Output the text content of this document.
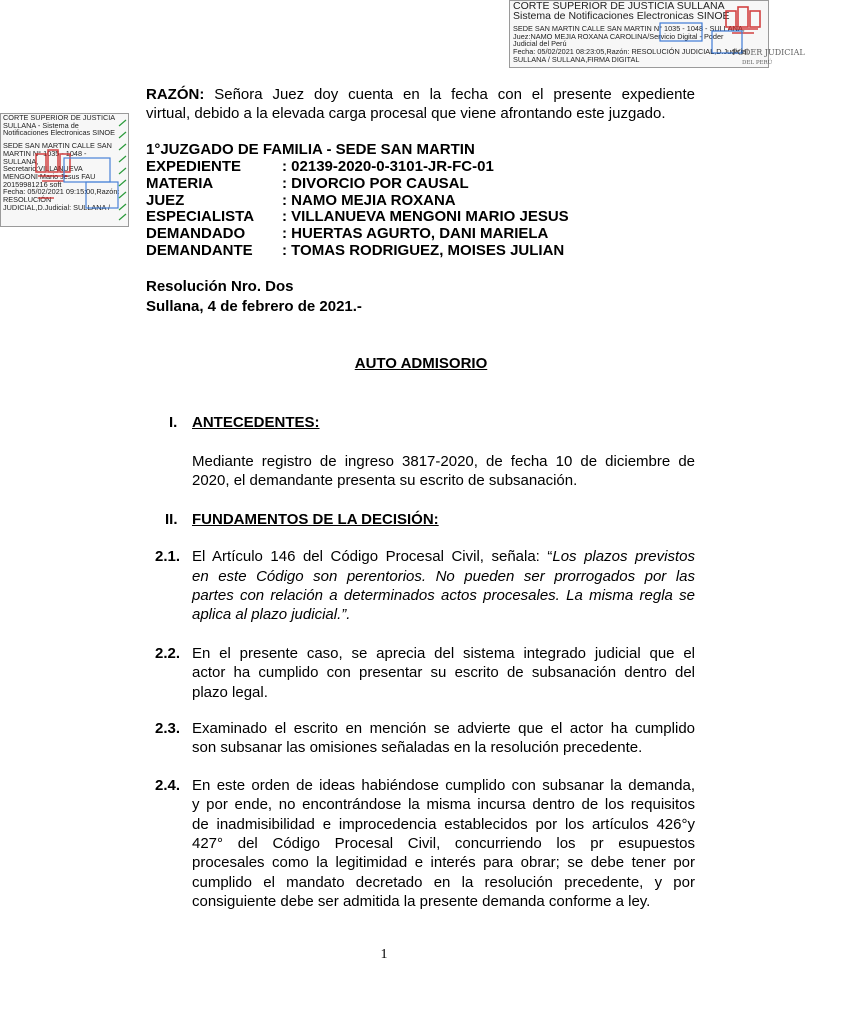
CORTE SUPERIOR DE JUSTICIA SULLANA
Sistema de Notificaciones Electronicas SINOE
SEDE SAN MARTIN CALLE SAN MARTIN N° 1035 - 1048 - SULLANA,
Juez:NAMO MEJIA ROXANA CAROLINA/Servicio Digital - Poder
Judicial del Perú
Fecha: 05/02/2021 08:23:05,Razón: RESOLUCIÓN JUDICIAL,D.Judicial:
SULLANA / SULLANA,FIRMA DIGITAL
PODER JUDICIAL
DEL PERÚ
CORTE SUPERIOR DE JUSTICIA
SULLANA - Sistema de
Notificaciones Electronicas SINOE
SEDE SAN MARTIN CALLE SAN
MARTIN N° 1035 - 1048 -
SULLANA,
Secretario:VILLANUEVA
MENGONI Mario Jesus FAU
20159981216 soft
Fecha: 05/02/2021 09:15:00,Razón:
RESOLUCIÓN
JUDICIAL,D.Judicial: SULLANA /
RAZÓN: Señora Juez doy cuenta en la fecha con el presente expediente
virtual, debido a la elevada carga procesal que viene afrontando este juzgado.
1°JUZGADO DE FAMILIA - SEDE SAN MARTIN
EXPEDIENTE	: 02139-2020-0-3101-JR-FC-01
MATERIA	: DIVORCIO POR CAUSAL
JUEZ	: NAMO MEJIA ROXANA
ESPECIALISTA : VILLANUEVA MENGONI MARIO JESUS
DEMANDADO : HUERTAS AGURTO, DANI MARIELA
DEMANDANTE : TOMAS RODRIGUEZ, MOISES JULIAN
Resolución Nro. Dos
Sullana, 4 de febrero de 2021.-
AUTO ADMISORIO
I. ANTECEDENTES:
Mediante registro de ingreso 3817-2020, de fecha 10 de diciembre de
2020, el demandante presenta su escrito de subsanación.
II. FUNDAMENTOS DE LA DECISIÓN:
2.1. El Artículo 146 del Código Procesal Civil, señala: “Los plazos previstos
en este Código son perentorios. No pueden ser prorrogados por las
partes con relación a determinados actos procesales. La misma regla se
aplica al plazo judicial.”.
2.2. En el presente caso, se aprecia del sistema integrado judicial que el
actor ha cumplido con presentar su escrito de subsanación dentro del
plazo legal.
2.3. Examinado el escrito en mención se advierte que el actor ha cumplido
son subsanar las omisiones señaladas en la resolución precedente.
2.4. En este orden de ideas habiéndose cumplido con subsanar la demanda,
y por ende, no encontrándose la misma incursa dentro de los requisitos
de inadmisibilidad e improcedencia establecidos por los artículos 426°y
427° del Código Procesal Civil, concurriendo los pr esupuestos
procesales como la legitimidad e interés para obrar; se debe tener por
cumplido el mandato decretado en la resolución precedente, y por
consiguiente debe ser admitida la presente demanda conforme a ley.
1
